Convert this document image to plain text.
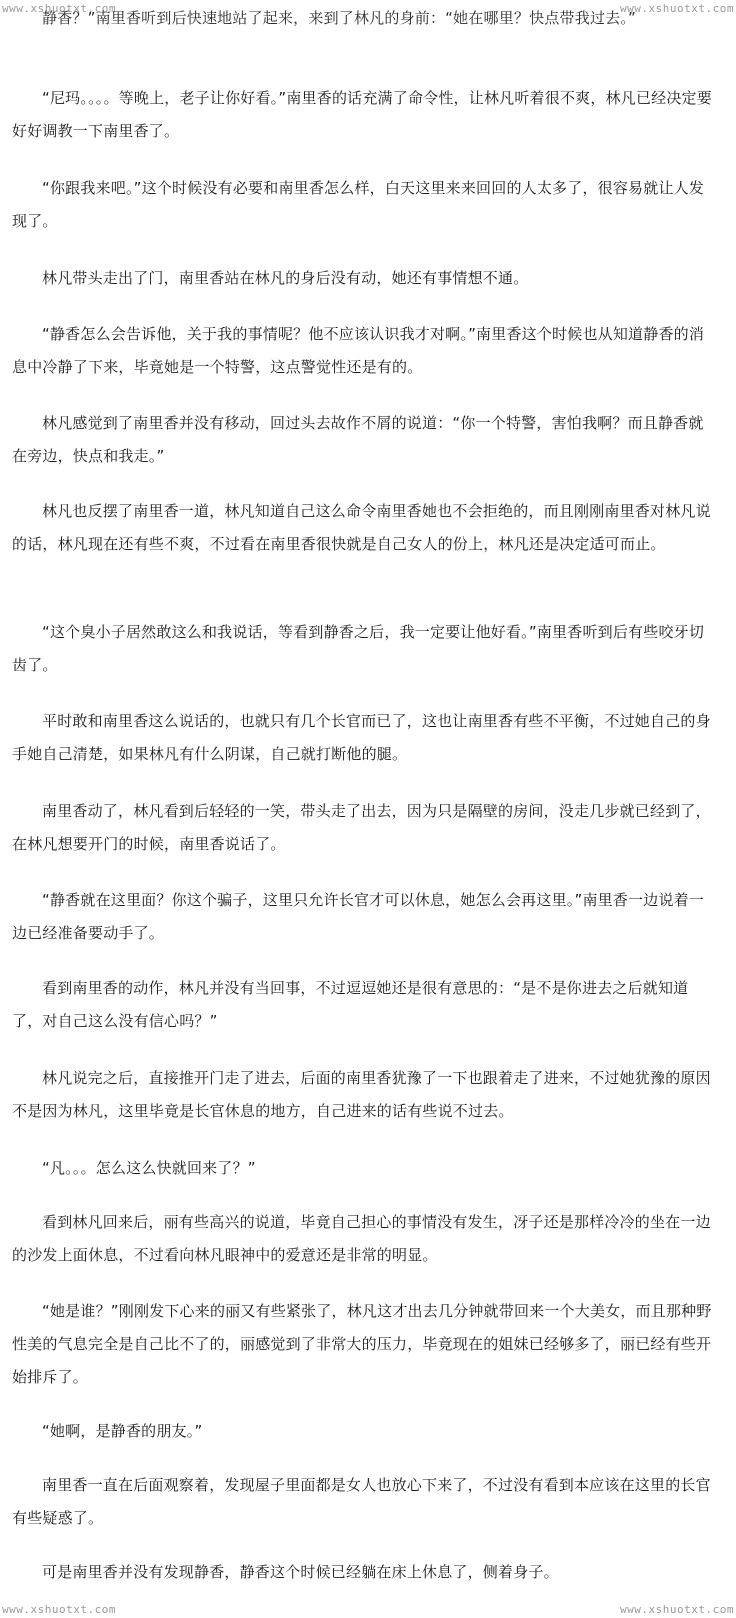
www.xshuotxt.com	www.xshuotxt.com

静香？”南里香听到后快速地站了起来，来到了林凡的身前：“她在哪里？快点带我过去。”

“尼玛。。。。等晚上，老子让你好看。”南里香的话充满了命令性，让林凡听着很不爽，林凡已经决定要好好调教一下南里香了。

“你跟我来吧。”这个时候没有必要和南里香怎么样，白天这里来来回回的人太多了，很容易就让人发现了。

林凡带头走出了门，南里香站在林凡的身后没有动，她还有事情想不通。

“静香怎么会告诉他，关于我的事情呢？他不应该认识我才对啊。”南里香这个时候也从知道静香的消息中冷静了下来，毕竟她是一个特警，这点警觉性还是有的。

林凡感觉到了南里香并没有移动，回过头去故作不屑的说道：“你一个特警，害怕我啊？而且静香就在旁边，快点和我走。”

林凡也反摆了南里香一道，林凡知道自己这么命令南里香她也不会拒绝的，而且刚刚南里香对林凡说的话，林凡现在还有些不爽，不过看在南里香很快就是自己女人的份上，林凡还是决定适可而止。

“这个臭小子居然敢这么和我说话，等看到静香之后，我一定要让他好看。”南里香听到后有些咬牙切齿了。

平时敢和南里香这么说话的，也就只有几个长官而已了，这也让南里香有些不平衡，不过她自己的身手她自己清楚，如果林凡有什么阴谋，自己就打断他的腿。

南里香动了，林凡看到后轻轻的一笑，带头走了出去，因为只是隔壁的房间，没走几步就已经到了，在林凡想要开门的时候，南里香说话了。

“静香就在这里面？你这个骗子，这里只允许长官才可以休息，她怎么会再这里。”南里香一边说着一边已经准备要动手了。

看到南里香的动作，林凡并没有当回事，不过逗逗她还是很有意思的：“是不是你进去之后就知道了，对自己这么没有信心吗？”

林凡说完之后，直接推开门走了进去，后面的南里香犹豫了一下也跟着走了进来，不过她犹豫的原因不是因为林凡，这里毕竟是长官休息的地方，自己进来的话有些说不过去。

“凡。。。怎么这么快就回来了？”

看到林凡回来后，丽有些高兴的说道，毕竟自己担心的事情没有发生，冴子还是那样冷冷的坐在一边的沙发上面休息，不过看向林凡眼神中的爱意还是非常的明显。

“她是谁？”刚刚发下心来的丽又有些紧张了，林凡这才出去几分钟就带回来一个大美女，而且那种野性美的气息完全是自己比不了的，丽感觉到了非常大的压力，毕竟现在的姐妹已经够多了，丽已经有些开始排斥了。

“她啊，是静香的朋友。”

南里香一直在后面观察着，发现屋子里面都是女人也放心下来了，不过没有看到本应该在这里的长官有些疑惑了。

可是南里香并没有发现静香，静香这个时候已经躺在床上休息了，侧着身子。

www.xshuotxt.com	www.xshuotxt.com
